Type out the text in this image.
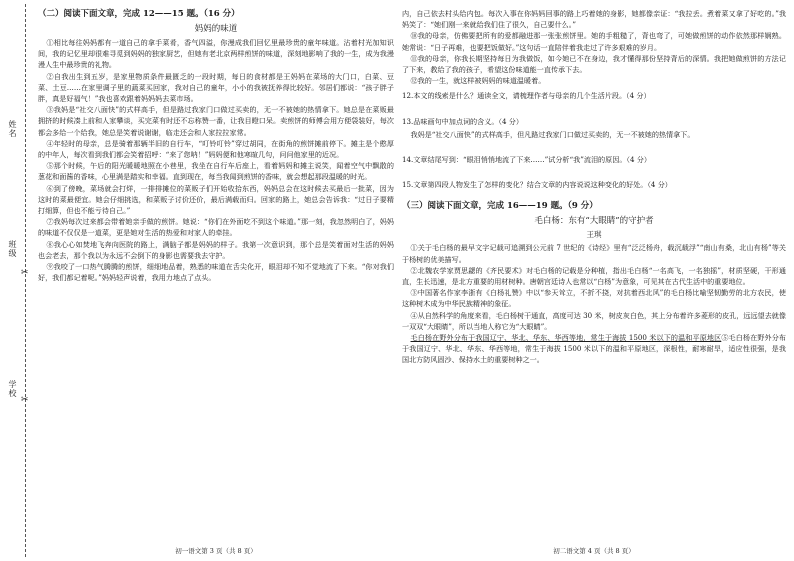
姓名
班级
学校
✂
✂
（二）阅读下面文章，完成 12——15 题。（16 分）
妈妈的味道

①相比每往妈妈都有一道自己的拿手菜肴，香气四溢，你漫成我们回忆里最珍贵的童年味道。沾着村光加知识间，我的记忆里却很难寻觅到妈妈的独家厨艺，但她有老北京两样煎饼的味道，深刻地影响了我的一生，成为我漫漫人生中最珍贵的礼物。

②自我出生到五岁，是家里物质条件最匮乏的一段时期，每日的食材都是王妈妈在菜场的大门口，白菜、豆菜、土豆……在家里调子里的蔬菜买回家，我对自己的童年，小小的我被抚养得比较好。邻居们都说：“孩子胖子胖，真是好福气！”我也喜欢跟着妈妈妈去菜市场。

③我妈是“社交八面快”的式样高手，但是路过我家门口做过买卖的，无一不被她的热情拿下。她总是在菜贩最拥挤的时候凑上前和人家攀谈，买完菜有时还不忘称赞一番，让我目瞪口呆。卖煎饼的师傅会用方便袋装好，每次都会多给一个给我，她总是笑着说谢谢，临走还会和人家拉拉家常。

④年轻时的母亲，总是骑着那辆半旧的自行车，“叮铃叮铃”穿过胡同，在街角的煎饼摊前停下。摊主是个憨厚的中年人，每次看到我们都会笑着招呼：“来了您呐！”妈妈便和他寒暄几句，问问他家里的近况。

⑤那个时候，午后的阳光暖暖地照在小巷里，我坐在自行车后座上，看着妈妈和摊主说笑，闻着空气中飘散的葱花和面酱的香味，心里满是踏实和幸福。直到现在，每当我闻到煎饼的香味，就会想起那段温暖的时光。

⑥到了傍晚，菜场就会打烊，一排排摊位的菜贩子们开始收拾东西，妈妈总会在这时候去买最后一批菜，因为这时的菜最便宜。她会仔细挑选，和菜贩子讨价还价，最后满载而归。回家的路上，她总会告诉我：“过日子要精打细算，但也不能亏待自己。”

⑦我妈每次过来都会带着她亲手做的煎饼。她说：“你们在外面吃不到这个味道。”那一刻，我忽然明白了，妈妈的味道不仅仅是一道菜，更是她对生活的热爱和对家人的牵挂。

⑧我心心如焚地飞奔向医院的路上，满脑子都是妈妈的样子。我第一次意识到，那个总是笑着面对生活的妈妈也会老去，那个我以为永远不会倒下的身影也需要我去守护。

⑨我咬了一口热气腾腾的煎饼，细细地品着，熟悉的味道在舌尖化开，眼泪却不知不觉地流了下来。“你对我们好，我们都记着呢。”妈妈轻声说着，我用力地点了点头。

初一语文第 3 页（共 8 页）

内，自己依去村头给内包。每次入事在你妈妈回事的路上巧着她的身影，她都像亲证：“我拉丢。煮着菜又拿了好吃的。”我妈笑了：“她们刚一来就给我们住了很久，自己要什么。”

⑩我的母亲，仿佛要把所有的爱都融进那一张张煎饼里。她的手粗糙了，背也弯了，可她做煎饼的动作依然那样娴熟。她常说：“日子再难，也要把饭做好。”这句话一直陪伴着我走过了许多艰难的岁月。

⑪我的母亲，你我长期坚持每日为我做饭，如今她已不在身边，我才懂得那份坚持背后的深情。我把她做煎饼的方法记了下来，教给了我的孩子，希望这份味道能一直传承下去。

⑫我的一生，就这样被妈妈的味道温暖着。

12.本文的线索是什么？通读全文，请梳理作者与母亲的几个生活片段。（4 分）

13.品味画句中加点词的含义。（4 分）

我妈是“社交八面快”的式样高手，但凡路过我家门口做过买卖的，无一不被她的热情拿下。

14.文章结尾写到：“眼泪悄悄地流了下来……”试分析“我”流泪的原因。（4 分）

15.文章第四段人物发生了怎样的变化？结合文章的内容说说这种变化的好处。（4 分）

（三）阅读下面文章，完成 16——19 题。（9 分）
毛白杨：东有“大眼睛”的守护者
王琪

①关于毛白杨的最早文字记载可追溯到公元前 7 世纪的《诗经》里有“泛泛杨舟，载沉载浮”“南山有桑，北山有杨”等关于杨树的优美描写。

②北魏农学家贾思勰的《齐民要术》对毛白杨的记载是分种植，指出毛白杨“一名高飞，一名独摇”，材质坚硬，干形通直，生长迅速，是北方重要的用材树种。唐朝宫廷诗人也常以“白杨”为意象，可见其在古代生活中的重要地位。

③中国著名作家李浙有《白杨礼赞》中以“参天耸立，不折不挠，对抗着西北风”的毛白杨比喻坚韧勤劳的北方农民，使这种树木成为中华民族精神的象征。

④从自然科学的角度来看，毛白杨树干通直，高度可达 30 米，树皮灰白色，其上分布着许多菱形的皮孔，远远望去就像一双双“大眼睛”，所以当地人称它为“大眼睛”。

毛白杨在野外分布于我国辽宁、华北、华东、华西等地，常生于海拔 1500 米以下的温和平原地区⑤毛白杨在野外分布于我国辽宁、华北、华东、华西等地，常生于海拔 1500 米以下的温和平原地区，深根性，耐寒耐旱，适应性很强，是我国北方防风固沙、保持水土的重要树种之一。

初二语文第 4 页（共 8 页）
